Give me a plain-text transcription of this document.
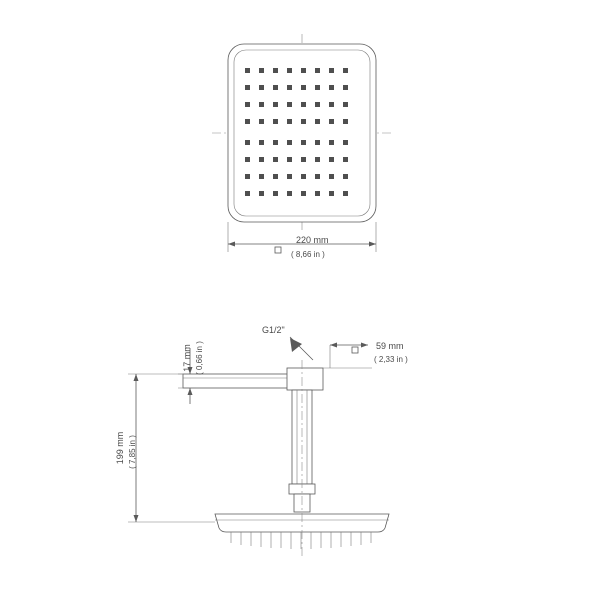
220 mm
( 8,66 in )
17 mm ( 0,66 in )
G1/2"
59 mm
( 2,33 in )
199 mm ( 7,85 in )
